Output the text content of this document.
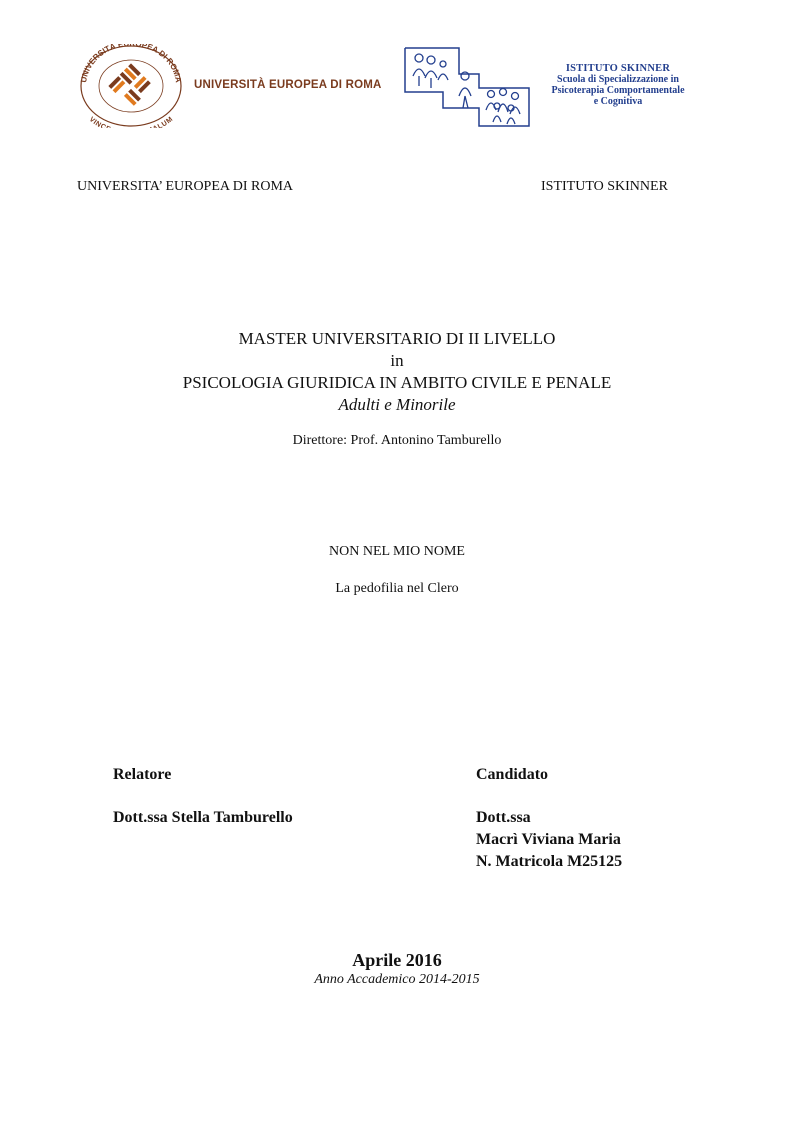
UNIVERSITÀ E OPEA DI ROMA
VINC LUM
UNIVERSITÀ EUROPEA DI ROMA
ISTITUTO SKINNER
Scuola di Specializzazione in
Psicoterapia Comportamentale
e Cognitiva
UNIVERSITA’ EUROPEA DI ROMA	ISTITUTO SKINNER
MASTER UNIVERSITARIO DI II LIVELLO
in
PSICOLOGIA GIURIDICA IN AMBITO CIVILE E PENALE
Adulti e Minorile
Direttore: Prof. Antonino Tamburello
NON NEL MIO NOME
La pedofilia nel Clero
Relatore
Dott.ssa Stella Tamburello
Candidato
Dott.ssa
Macrì Viviana Maria
N. Matricola M25125
Aprile 2016
Anno Accademico 2014-2015
